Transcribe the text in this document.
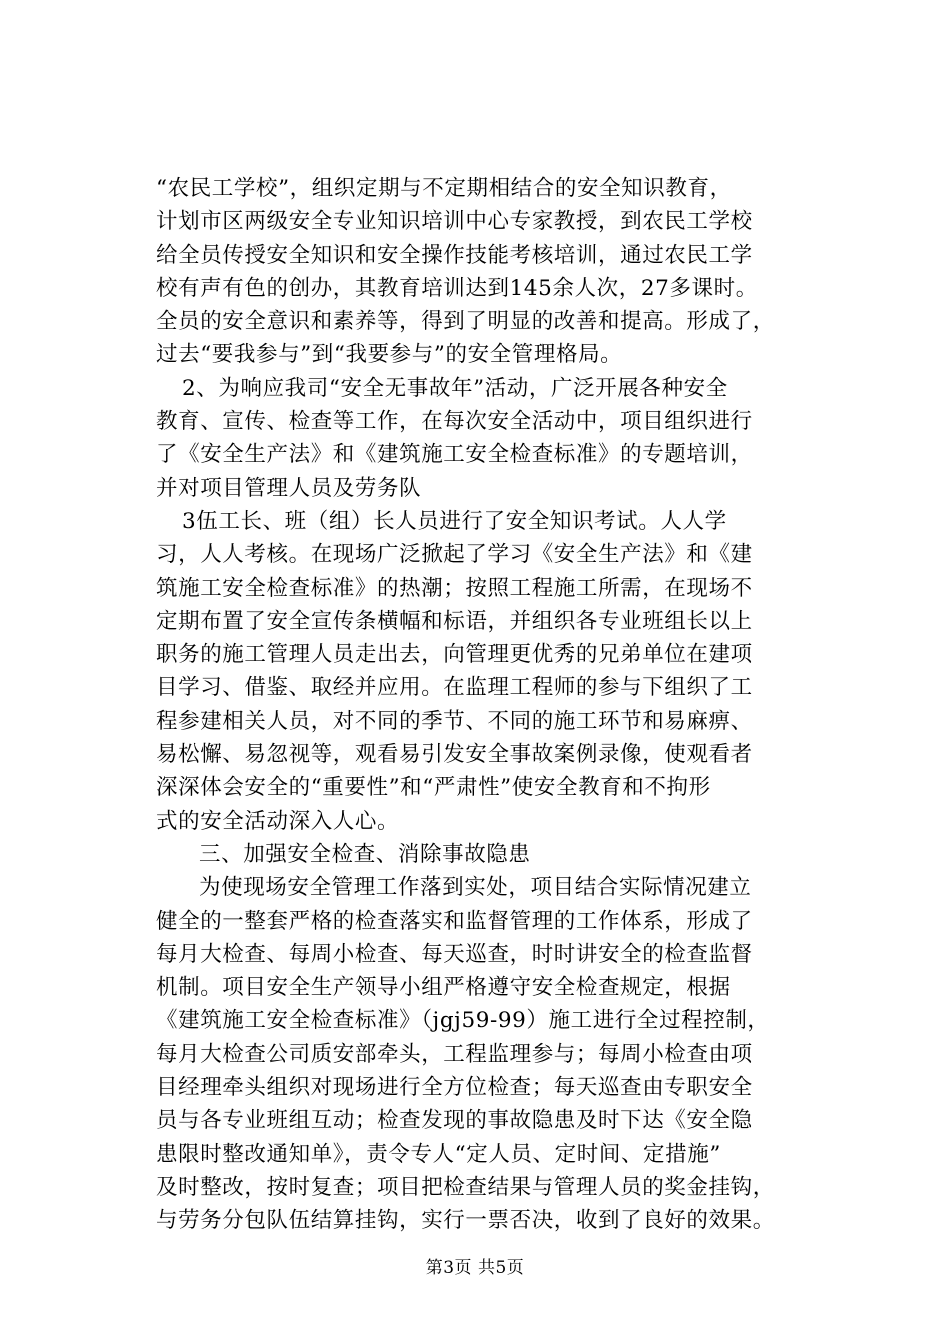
“农民工学校”，组织定期与不定期相结合的安全知识教育，
计划市区两级安全专业知识培训中心专家教授，到农民工学校
给全员传授安全知识和安全操作技能考核培训，通过农民工学
校有声有色的创办，其教育培训达到145余人次，27多课时。
全员的安全意识和素养等，得到了明显的改善和提高。形成了，
过去“要我参与”到“我要参与”的安全管理格局。

2、为响应我司“安全无事故年”活动，广泛开展各种安全
教育、宣传、检查等工作，在每次安全活动中，项目组织进行
了《安全生产法》和《建筑施工安全检查标准》的专题培训，
并对项目管理人员及劳务队

3伍工长、班（组）长人员进行了安全知识考试。人人学
习，人人考核。在现场广泛掀起了学习《安全生产法》和《建
筑施工安全检查标准》的热潮；按照工程施工所需，在现场不
定期布置了安全宣传条横幅和标语，并组织各专业班组长以上
职务的施工管理人员走出去，向管理更优秀的兄弟单位在建项
目学习、借鉴、取经并应用。在监理工程师的参与下组织了工
程参建相关人员，对不同的季节、不同的施工环节和易麻痹、
易松懈、易忽视等，观看易引发安全事故案例录像，使观看者
深深体会安全的“重要性”和“严肃性”使安全教育和不拘形
式的安全活动深入人心。

三、加强安全检查、消除事故隐患

为使现场安全管理工作落到实处，项目结合实际情况建立
健全的一整套严格的检查落实和监督管理的工作体系，形成了
每月大检查、每周小检查、每天巡查，时时讲安全的检查监督
机制。项目安全生产领导小组严格遵守安全检查规定，根据
《建筑施工安全检查标准》（jgj59-99）施工进行全过程控制，
每月大检查公司质安部牵头，工程监理参与；每周小检查由项
目经理牵头组织对现场进行全方位检查；每天巡查由专职安全
员与各专业班组互动；检查发现的事故隐患及时下达《安全隐
患限时整改通知单》，责令专人“定人员、定时间、定措施”
及时整改，按时复查；项目把检查结果与管理人员的奖金挂钩，
与劳务分包队伍结算挂钩，实行一票否决，收到了良好的效果。

第3页 共5页
